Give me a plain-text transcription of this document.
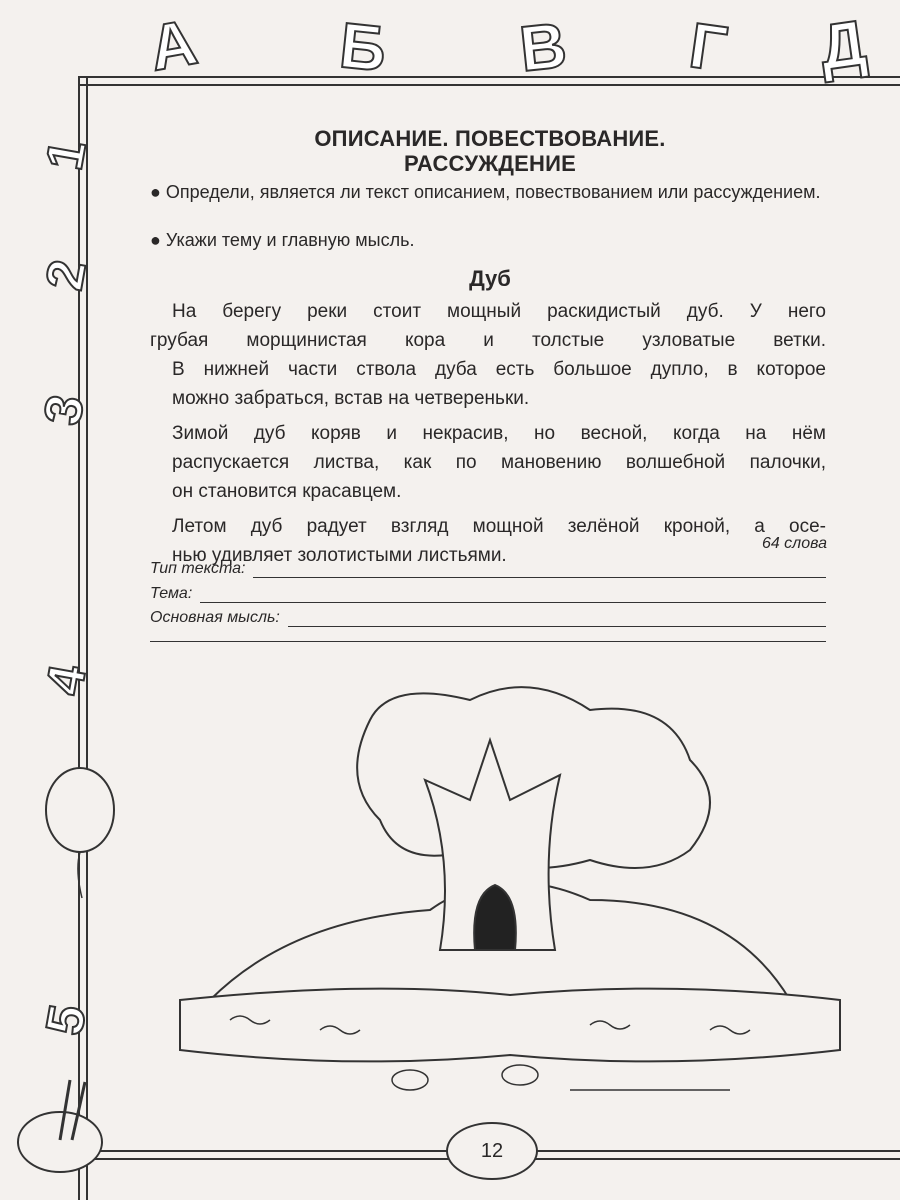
А Б В Г Д
1
2
3
4
5
ОПИСАНИЕ. ПОВЕСТВОВАНИЕ.
РАССУЖДЕНИЕ
● Определи, является ли текст описанием, повествованием или рассуждением.
● Укажи тему и главную мысль.
Дуб

На берегу реки стоит мощный раскидистый дуб. У него
грубая морщинистая кора и толстые узловатые ветки.
В нижней части ствола дуба есть большое дупло, в которое
можно забраться, встав на четвереньки.

Зимой дуб коряв и некрасив, но весной, когда на нём
распускается листва, как по мановению волшебной палочки,
он становится красавцем.

Летом дуб радует взгляд мощной зелёной кроной, а осе-
нью удивляет золотистыми листьями.

64 слова
Тип текста:
Тема:
Основная мысль:
12
